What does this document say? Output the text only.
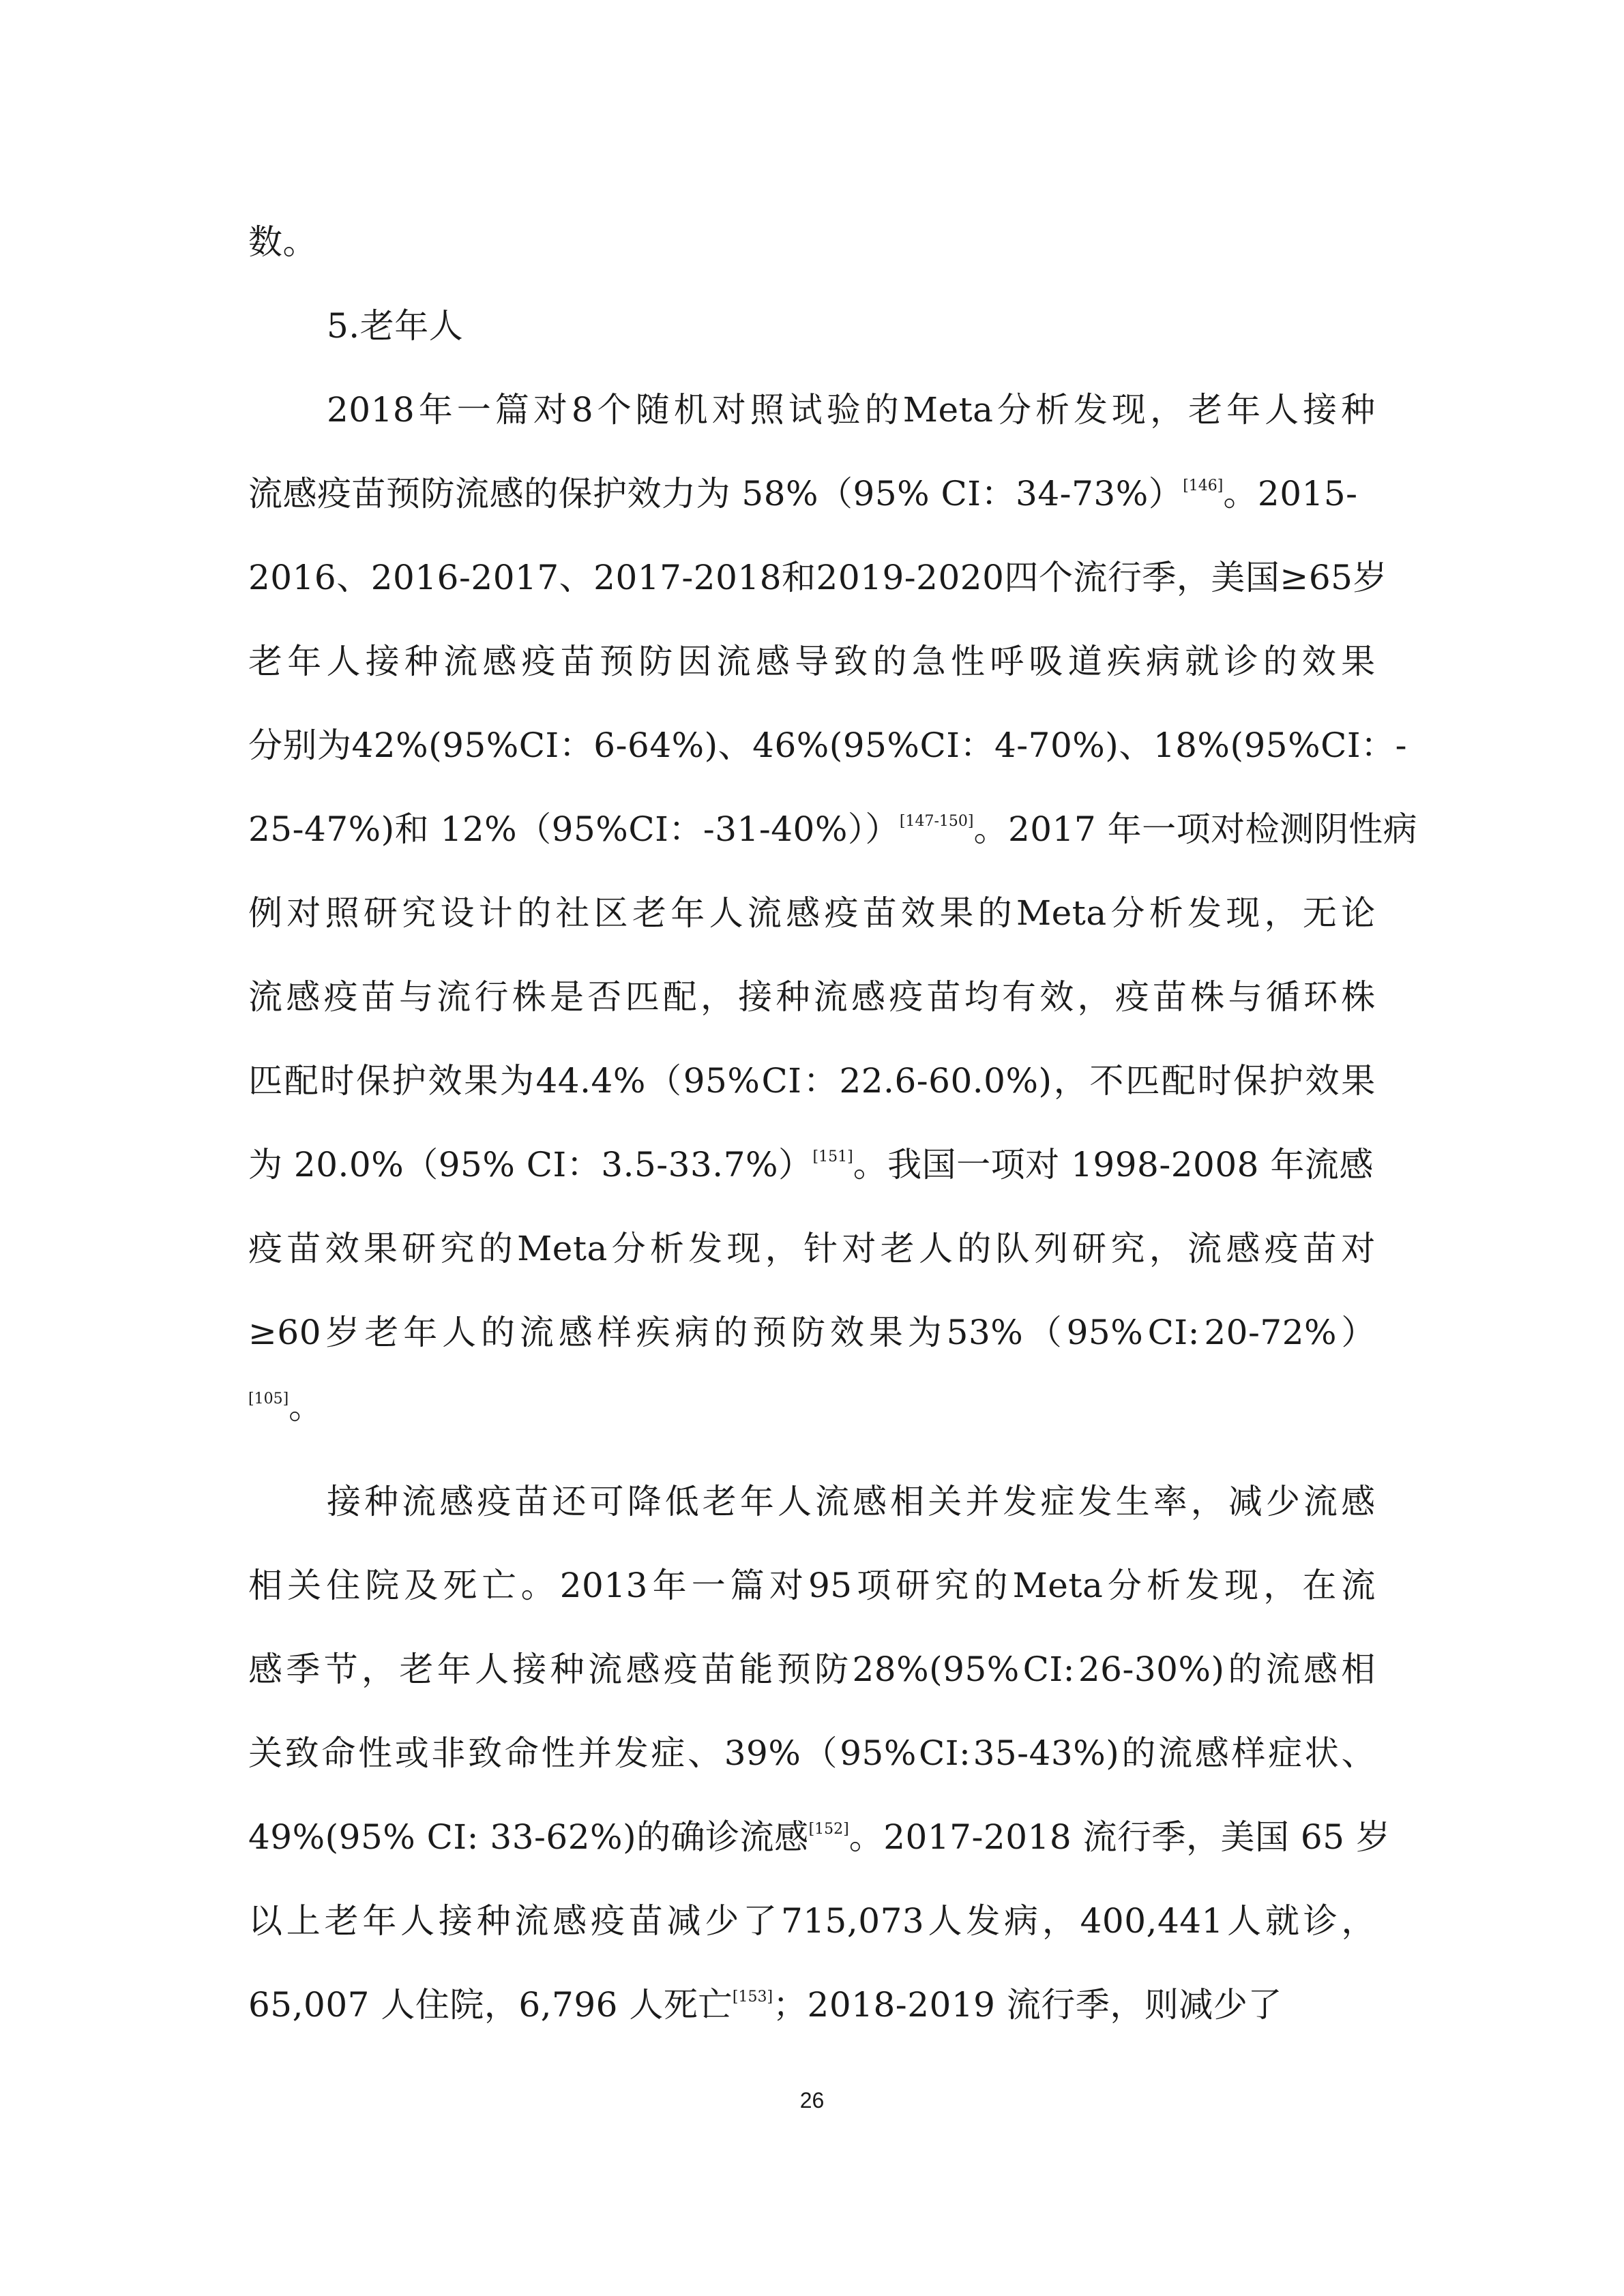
数。
5.老年人
2018 年 一 篇 对 8 个 随 机 对 照 试 验 的 Meta 分 析 发 现 ， 老 年 人 接 种
流感疫苗预防流感的保护效力为 58%（95% CI：34-73%）[146]。2015-
2016 、 2016-2017 、 2017-2018 和 2019-2020 四 个 流 行 季 ， 美 国 ≥65 岁
老 年 人 接 种 流 感 疫 苗 预 防 因 流 感 导 致 的 急 性 呼 吸 道 疾 病 就 诊 的 效 果
分 别 为 42%(95% CI ： 6-64%) 、 46%(95% CI ： 4-70%) 、 18%(95% CI ： -
25-47%)和 12%（95%CI：-31-40%））[147-150]。2017 年一项对检测阴性病
例 对 照 研 究 设 计 的 社 区 老 年 人 流 感 疫 苗 效 果 的 Meta 分 析 发 现 ， 无 论
流 感 疫 苗 与 流 行 株 是 否 匹 配 ， 接 种 流 感 疫 苗 均 有 效 ， 疫 苗 株 与 循 环 株
匹 配 时 保 护 效 果 为 44.4% （ 95% CI ： 22.6-60.0%) ， 不 匹 配 时 保 护 效 果
为 20.0%（95% CI：3.5-33.7%）[151]。我国一项对 1998-2008 年流感
疫 苗 效 果 研 究 的 Meta 分 析 发 现 ， 针 对 老 人 的 队 列 研 究 ， 流 感 疫 苗 对
≥60 岁 老 年 人 的 流 感 样 疾 病 的 预 防 效 果 为 53% （ 95% CI: 20-72% ）
[105]。
接 种 流 感 疫 苗 还 可 降 低 老 年 人 流 感 相 关 并 发 症 发 生 率 ， 减 少 流 感
相 关 住 院 及 死 亡 。 2013 年 一 篇 对 95 项 研 究 的 Meta 分 析 发 现 ， 在 流
感 季 节 ， 老 年 人 接 种 流 感 疫 苗 能 预 防 28%(95% CI: 26-30%) 的 流 感 相
关 致 命 性 或 非 致 命 性 并 发 症 、 39% （ 95% CI: 35-43%) 的 流 感 样 症 状 、
49%(95% CI: 33-62%)的确诊流感[152]。2017-2018 流行季，美国 65 岁
以 上 老 年 人 接 种 流 感 疫 苗 减 少 了 715,073 人 发 病 ， 400,441 人 就 诊 ，
65,007 人住院，6,796 人死亡[153]；2018-2019 流行季，则减少了
26
